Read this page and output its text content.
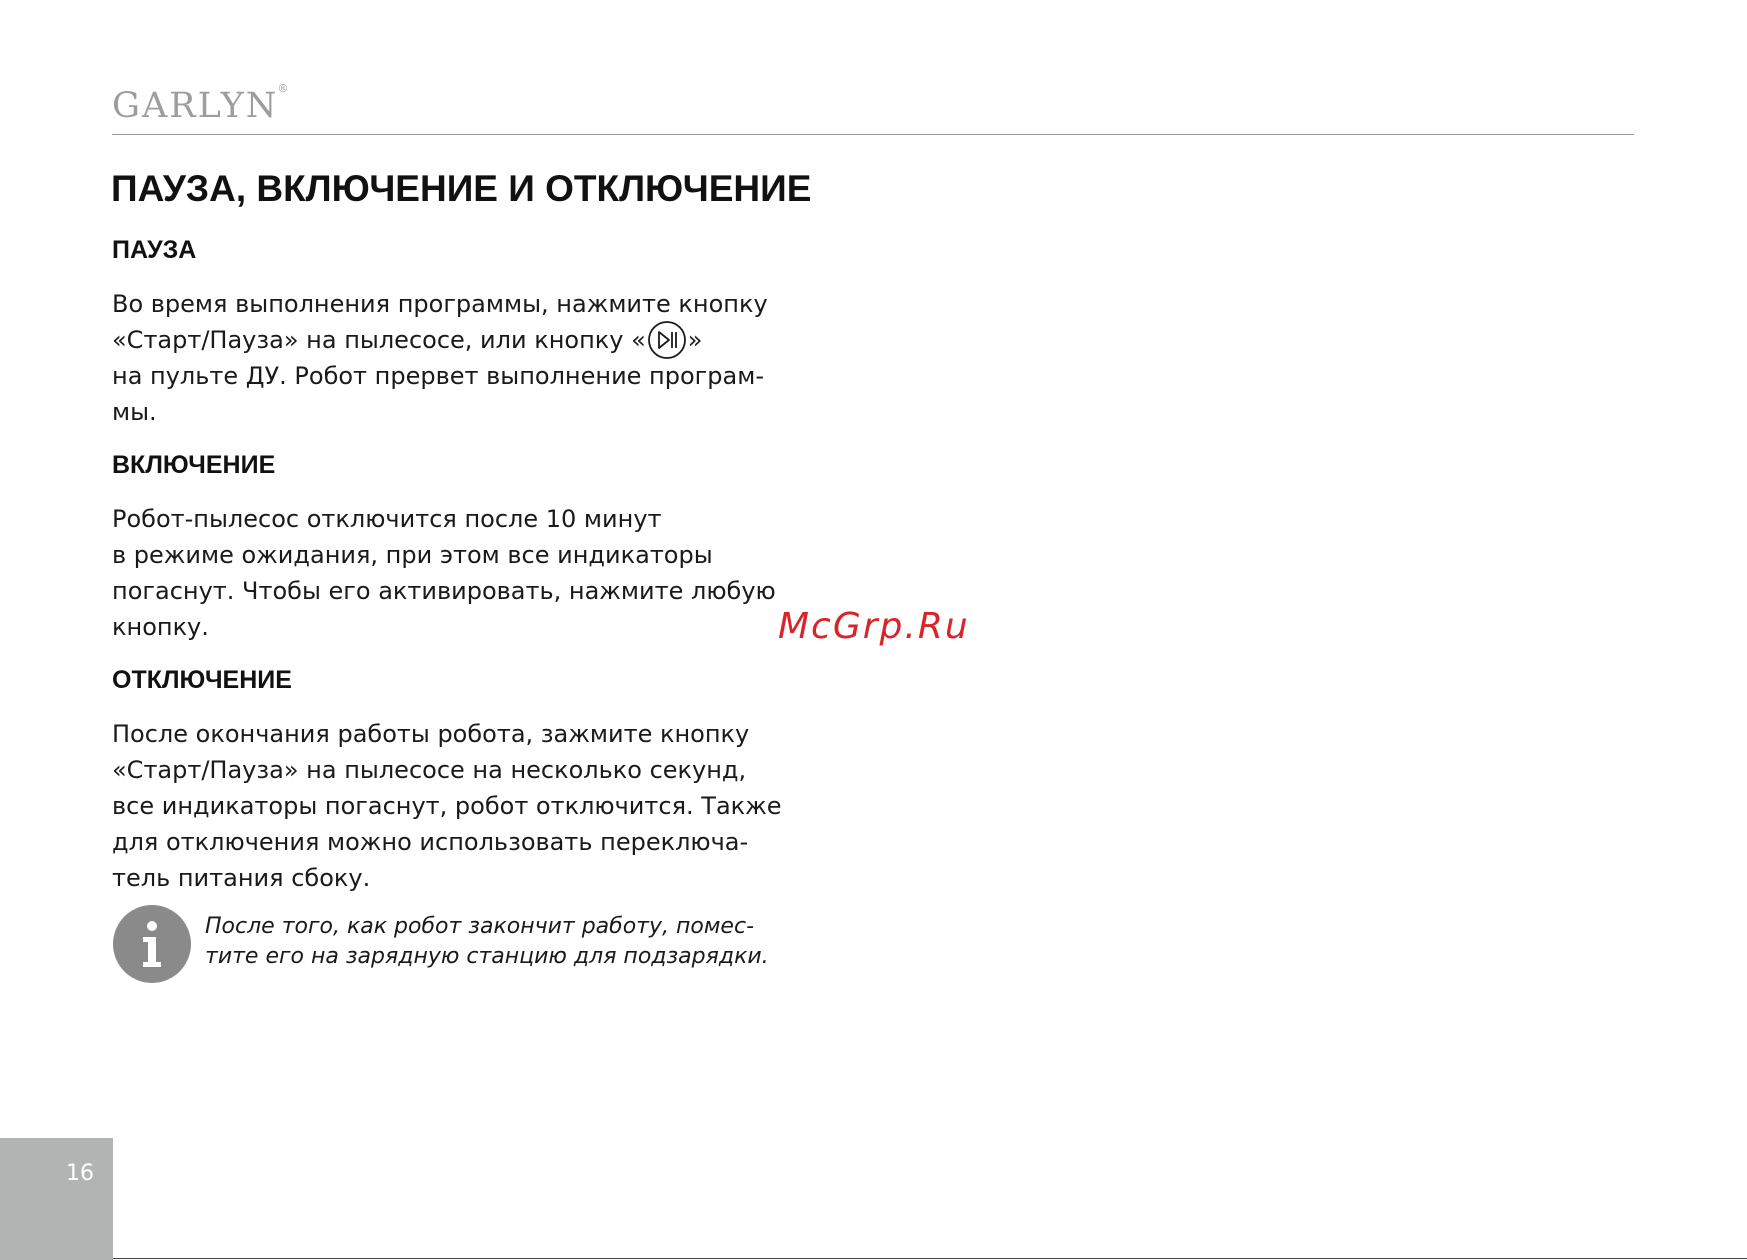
GARLYN ®
ПАУЗА, ВКЛЮЧЕНИЕ И ОТКЛЮЧЕНИЕ
ПАУЗА
Во время выполнения программы, нажмите кнопку
«Старт/Пауза» на пылесосе, или кнопку « »
на пульте ДУ. Робот прервет выполнение програм-
мы.
ВКЛЮЧЕНИЕ
Робот-пылесос отключится после 10 минут
в режиме ожидания, при этом все индикаторы
погаснут. Чтобы его активировать, нажмите любую
кнопку.
ОТКЛЮЧЕНИЕ
После окончания работы робота, зажмите кнопку
«Старт/Пауза» на пылесосе на несколько секунд,
все индикаторы погаснут, робот отключится. Также
для отключения можно использовать переключа-
тель питания сбоку.
После того, как робот закончит работу, помес-
тите его на зарядную станцию для подзарядки.
McGrp.Ru
16
